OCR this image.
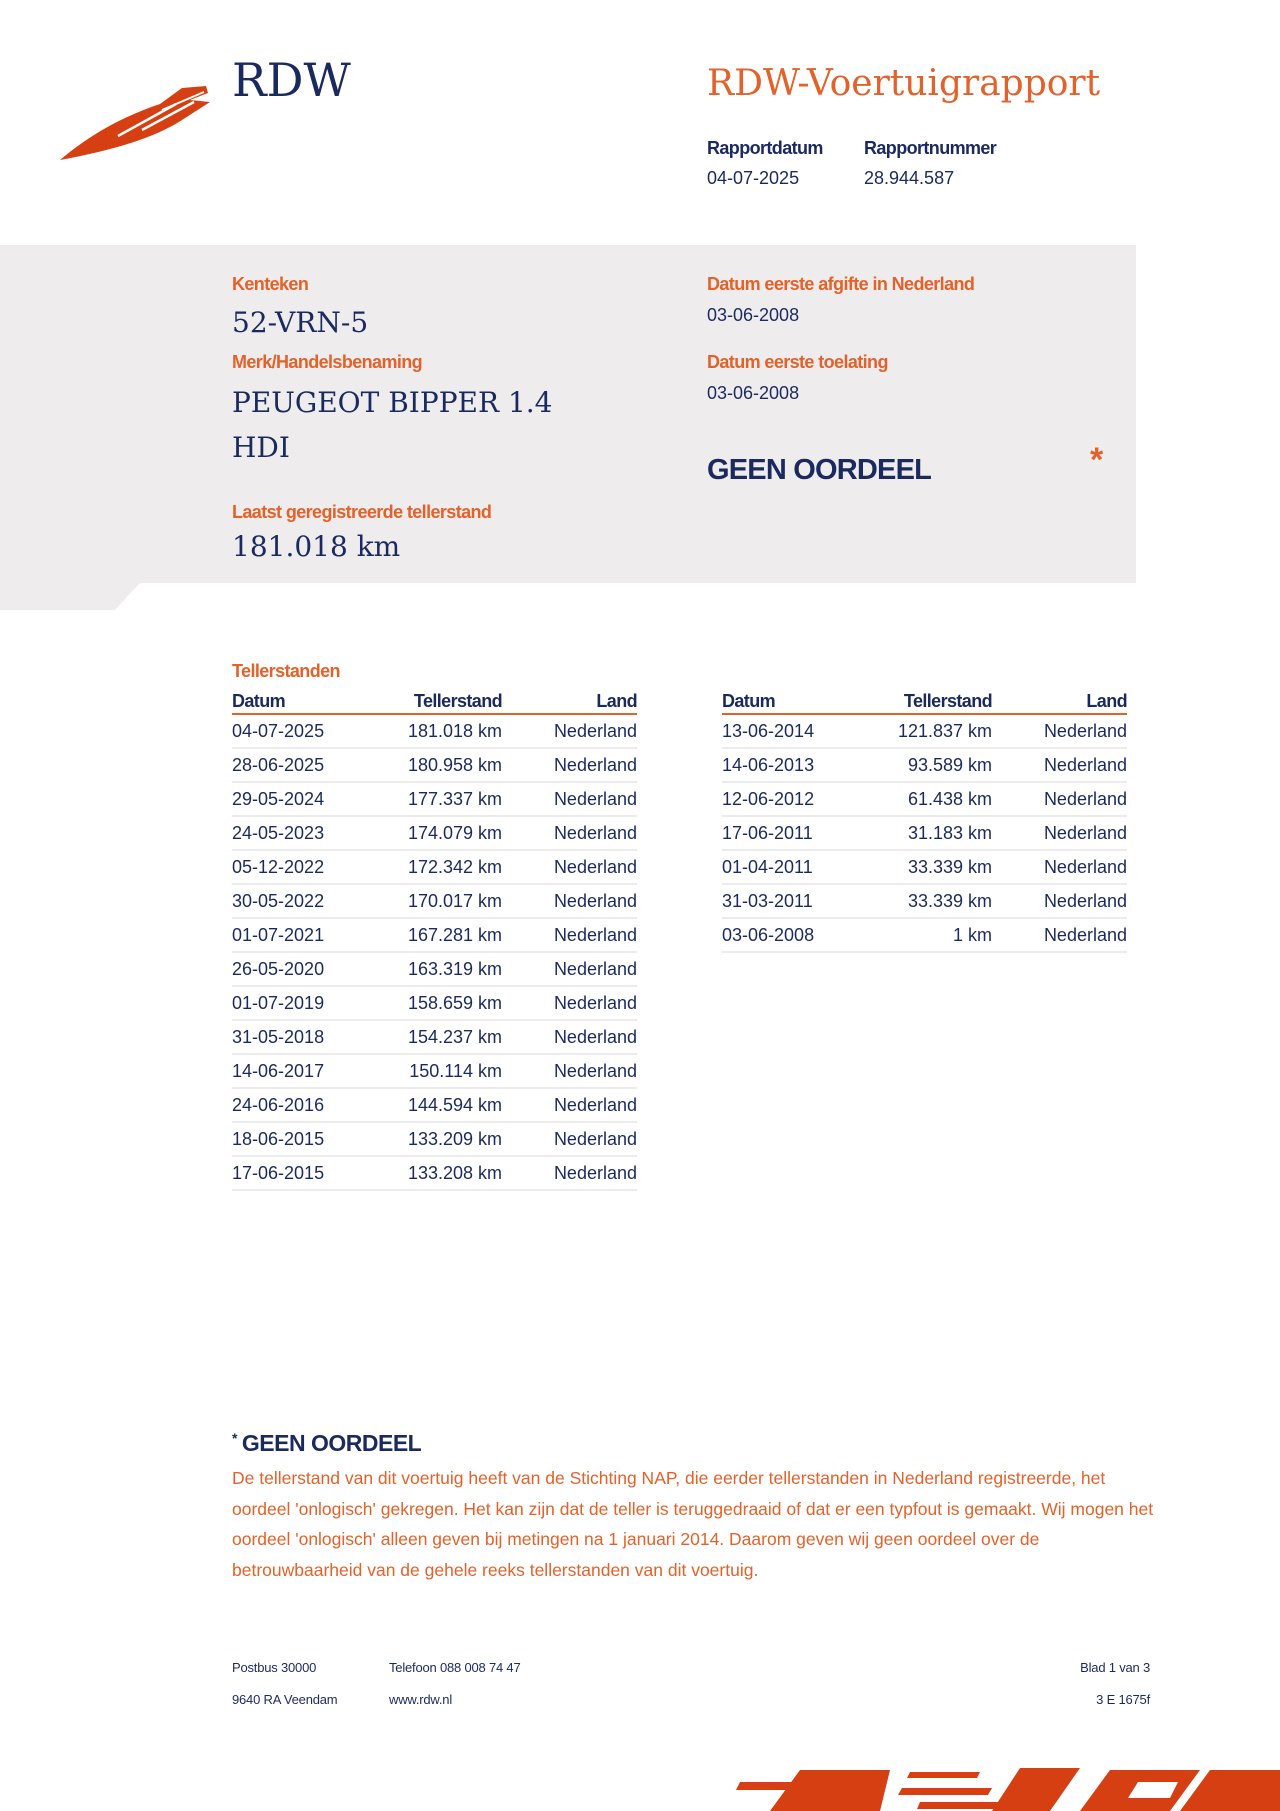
RDW	RDW-Voertuigrapport
Rapportdatum
04-07-2025
Rapportnummer
28.944.587
Kenteken
52-VRN-5
Merk/Handelsbenaming
PEUGEOT BIPPER 1.4
HDI
Laatst geregistreerde tellerstand
181.018 km
Datum eerste afgifte in Nederland
03-06-2008
Datum eerste toelating
03-06-2008
GEEN OORDEEL	*
Tellerstanden
Datum	Tellerstand	Land
04-07-2025	181.018 km	Nederland
28-06-2025	180.958 km	Nederland
29-05-2024	177.337 km	Nederland
24-05-2023	174.079 km	Nederland
05-12-2022	172.342 km	Nederland
30-05-2022	170.017 km	Nederland
01-07-2021	167.281 km	Nederland
26-05-2020	163.319 km	Nederland
01-07-2019	158.659 km	Nederland
31-05-2018	154.237 km	Nederland
14-06-2017	150.114 km	Nederland
24-06-2016	144.594 km	Nederland
18-06-2015	133.209 km	Nederland
17-06-2015	133.208 km	Nederland
Datum	Tellerstand	Land
13-06-2014	121.837 km	Nederland
14-06-2013	93.589 km	Nederland
12-06-2012	61.438 km	Nederland
17-06-2011	31.183 km	Nederland
01-04-2011	33.339 km	Nederland
31-03-2011	33.339 km	Nederland
03-06-2008	1 km	Nederland
* GEEN OORDEEL
De tellerstand van dit voertuig heeft van de Stichting NAP, die eerder tellerstanden in Nederland registreerde, het oordeel 'onlogisch' gekregen. Het kan zijn dat de teller is teruggedraaid of dat er een typfout is gemaakt. Wij mogen het oordeel 'onlogisch' alleen geven bij metingen na 1 januari 2014. Daarom geven wij geen oordeel over de betrouwbaarheid van de gehele reeks tellerstanden van dit voertuig.
Postbus 30000
9640 RA Veendam
Telefoon 088 008 74 47
www.rdw.nl
Blad 1 van 3
3 E 1675f
